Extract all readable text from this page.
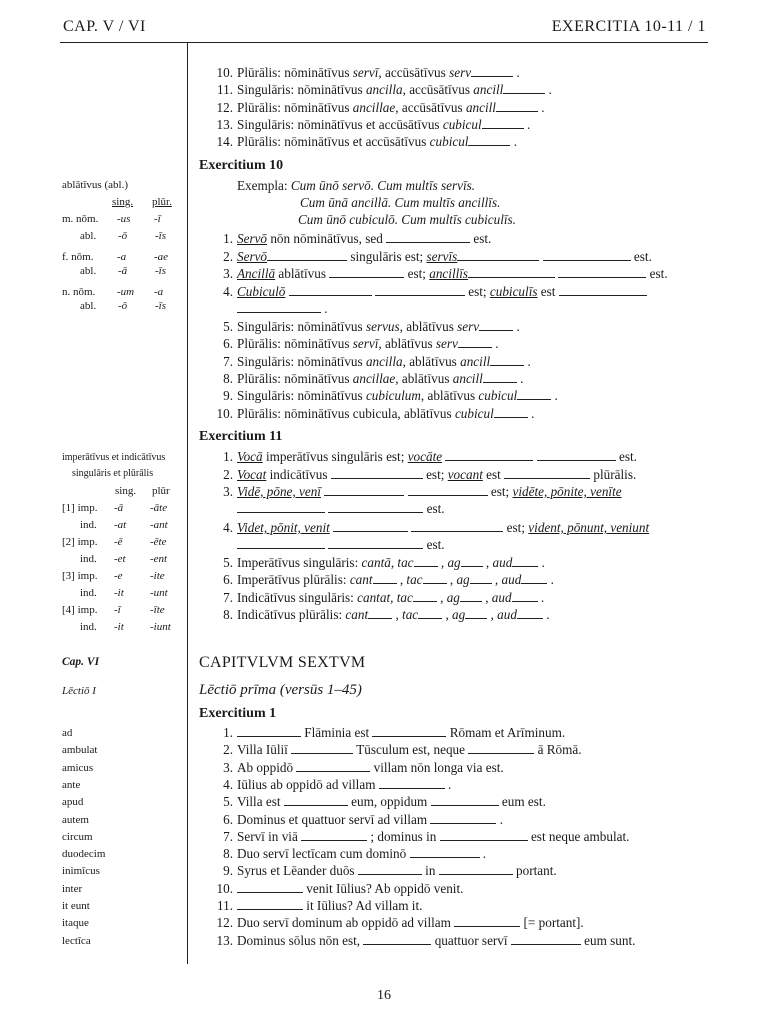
CAP. V / VI	EXERCITIA 10-11 / 1
ablātīvus (abl.)
sing. plūr.
m. nōm. -us -ī
abl. -ō	-īs
f. nōm. -a	-ae
abl. -ā	-īs
n. nōm. -um -a
abl. -ō	-īs
imperātīvus et indicātīvus
singulāris et plūrālis
sing. plūr
[1] imp. -ā -āte
ind. -at -ant
[2] imp. -ē -ēte
ind. -et -ent
[3] imp. -e -ite
ind. -it -unt
[4] imp. -ī	-īte
ind. -it -iunt
Cap. VI
Lēctiō I
ad
ambulat
amicus
ante
apud
autem
circum
duodecim
inimīcus
inter
it eunt
itaque
lectīca
10. Plūrālis: nōminātīvus servī, accūsātīvus serv	.
11. Singulāris: nōminātīvus ancilla, accūsātīvus ancill	.
12. Plūrālis: nōminātīvus ancillae, accūsātīvus ancill	.
13. Singulāris: nōminātīvus et accūsātīvus cubicul	.
14. Plūrālis: nōminātīvus et accūsātīvus cubicul	.
Exercitium 10
Exempla: Cum ūnō servō. Cum multīs servīs.
Cum ūnā ancillā. Cum multīs ancillīs.
Cum ūnō cubiculō. Cum multīs cubiculīs.
1. Servō nōn nōminātīvus, sed	est.
2. Servō	singulāris est; servīs	est.
3. Ancillā ablātīvus	est; ancillīs	est.
4. Cubiculō	est; cubiculīs est
.
5. Singulāris: nōminātīvus servus, ablātīvus serv	.
6. Plūrālis: nōminātīvus servī, ablātīvus serv	.
7. Singulāris: nōminātīvus ancilla, ablātīvus ancill	.
8. Plūrālis: nōminātīvus ancillae, ablātīvus ancill	.
9. Singulāris: nōminātīvus cubiculum, ablātīvus cubicul	.
10. Plūrālis: nōminātīvus cubicula, ablātīvus cubicul	.
Exercitium 11
1. Vocā imperātīvus singulāris est; vocāte	est.
2. Vocat indicātīvus	est; vocant est	plūrālis.
3. Vidē, pōne, venī	est; vidēte, pōnite, venīte
est.
4. Videt, pōnit, venit	est; vident, pōnunt, veniunt
est.
5. Imperātīvus singulāris: cantā, tac , ag , aud .
6. Imperātīvus plūrālis: cant , tac , ag , aud .
7. Indicātīvus singulāris: cantat, tac , ag , aud .
8. Indicātīvus plūrālis: cant , tac , ag , aud .
CAPITVLVM SEXTVM
Lēctiō prīma (versūs 1–45)
Exercitium 1
1.	Flāminia est	Rōmam et Arīminum.
2. Villa Iūliī	Tūsculum est, neque	ā Rōmā.
3. Ab oppidō	villam nōn longa via est.
4. Iūlius ab oppidō ad villam	.
5. Villa est	eum, oppidum	eum est.
6. Dominus et quattuor servī ad villam	.
7. Servī in viā	; dominus in	est neque ambulat.
8. Duo servī lectīcam cum dominō	.
9. Syrus et Lēander duōs	in	portant.
10.	venit Iūlius? Ab oppidō venit.
11.	it Iūlius? Ad villam it.
12. Duo servī dominum ab oppidō ad villam	[= portant].
13. Dominus sōlus nōn est,	quattuor servī	eum sunt.
16
